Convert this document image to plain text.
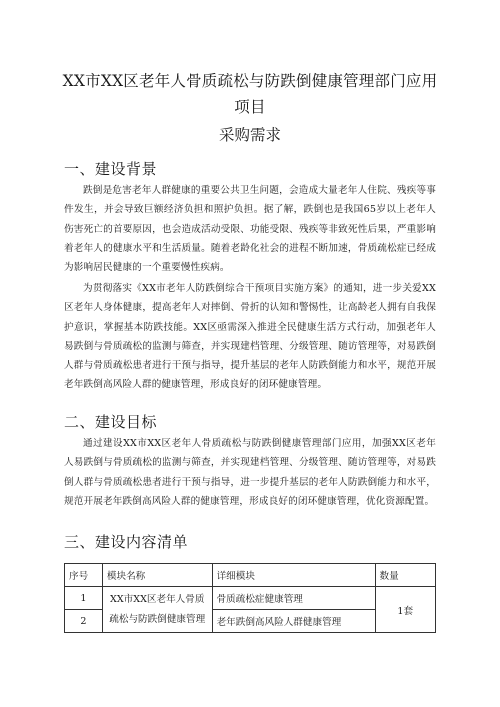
XX市XX区老年人骨质疏松与防跌倒健康管理部门应用项目
采购需求
一、建设背景

跌倒是危害老年人群健康的重要公共卫生问题，会造成大量老年人住院、残疾等事件发生，并会导致巨额经济负担和照护负担。据了解，跌倒也是我国65岁以上老年人伤害死亡的首要原因，也会造成活动受限、功能受限、残疾等非致死性后果，严重影响着老年人的健康水平和生活质量。随着老龄化社会的进程不断加速，骨质疏松症已经成为影响居民健康的一个重要慢性疾病。

为贯彻落实《XX市老年人防跌倒综合干预项目实施方案》的通知，进一步关爱XX区老年人身体健康，提高老年人对摔倒、骨折的认知和警惕性，让高龄老人拥有自我保护意识，掌握基本防跌技能。XX区亟需深入推进全民健康生活方式行动，加强老年人易跌倒与骨质疏松的监测与筛查，并实现建档管理、分级管理、随访管理等，对易跌倒人群与骨质疏松患者进行干预与指导，提升基层的老年人防跌倒能力和水平，规范开展老年跌倒高风险人群的健康管理，形成良好的闭环健康管理。

二、建设目标

通过建设XX市XX区老年人骨质疏松与防跌倒健康管理部门应用，加强XX区老年人易跌倒与骨质疏松的监测与筛查，并实现建档管理、分级管理、随访管理等，对易跌倒人群与骨质疏松患者进行干预与指导，进一步提升基层的老年人防跌倒能力和水平，规范开展老年跌倒高风险人群的健康管理，形成良好的闭环健康管理，优化资源配置。

三、建设内容清单
序号	模块名称	详细模块	数量
1	XX市XX区老年人骨质疏松与防跌倒健康管理	骨质疏松症健康管理	1套
2		老年跌倒高风险人群健康管理	
